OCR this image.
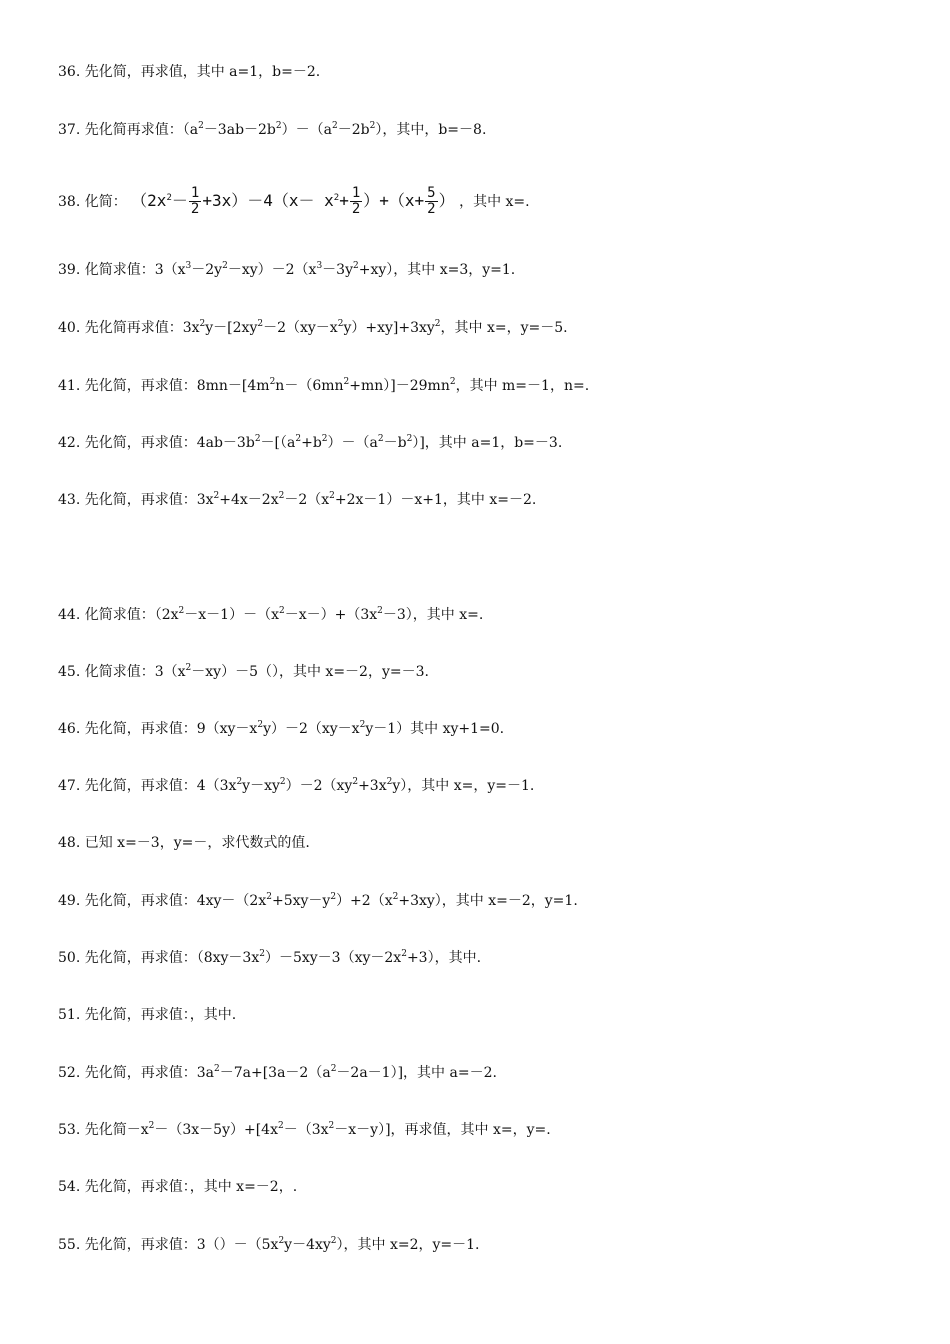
36. 先化简，再求值，其中 a=1，b=－2.
37. 先化简再求值：$(a^2-3ab-2b^2)-(a^2-2b^2)$，其中，b=－8.
38. 化简： $(2x^2- \frac{1}{2} +3x)-4(x- x^2+ \frac{1}{2} )+(x+ \frac{5}{2}$ ） ，其中 x=.
39. 化简求值：$3(x^3-2y^2-xy)-2(x^3-3y^2+xy)$，其中 x=3，y=1.
40. 先化简再求值：$3x^2y-[2xy^2-2(xy-x^2y)+xy]+3xy^2$，其中 x=，y=－5.
41. 先化简，再求值：$8mn-[4m^2n-(6mn^2+mn)]-29mn^2$，其中 m=－1，n=.
42. 先化简，再求值：$4ab-3b^2-[(a^2+b^2)-(a^2-b^2)]$，其中 a=1，b=－3.
43. 先化简，再求值：$3x^2+4x-2x^2-2(x^2+2x-1)-x+1$，其中 x=－2.
44. 化简求值：$(2x^2-x-1)-(x^2-x-)+(3x^2-3)$，其中 x=.
45. 化简求值：$3(x^2-xy)-5()$，其中 x=－2，y=－3.
46. 先化简，再求值：$9(xy-x^2y)-2(xy-x^2y-1)$其中 xy+1=0.
47. 先化简，再求值：$4(3x^2y-xy^2)-2(xy^2+3x^2y)$，其中 x=，y=－1.
48. 已知 x=－3，y=－，求代数式的值.
49. 先化简，再求值：$4xy-(2x^2+5xy-y^2)+2(x^2+3xy)$，其中 x=－2，y=1.
50. 先化简，再求值：$(8xy-3x^2)-5xy-3(xy-2x^2+3)$，其中.
51. 先化简，再求值：，其中.
52. 先化简，再求值：$3a^2-7a+[3a-2(a^2-2a-1)]$，其中 a=－2.
53. 先化简$-x^2-(3x-5y)+[4x^2-(3x^2-x-y)]$，再求值，其中 x=，y=.
54. 先化简，再求值：，其中 x=－2，.
55. 先化简，再求值：$3()-(5x^2y-4xy^2)$，其中 x=2，y=－1.
